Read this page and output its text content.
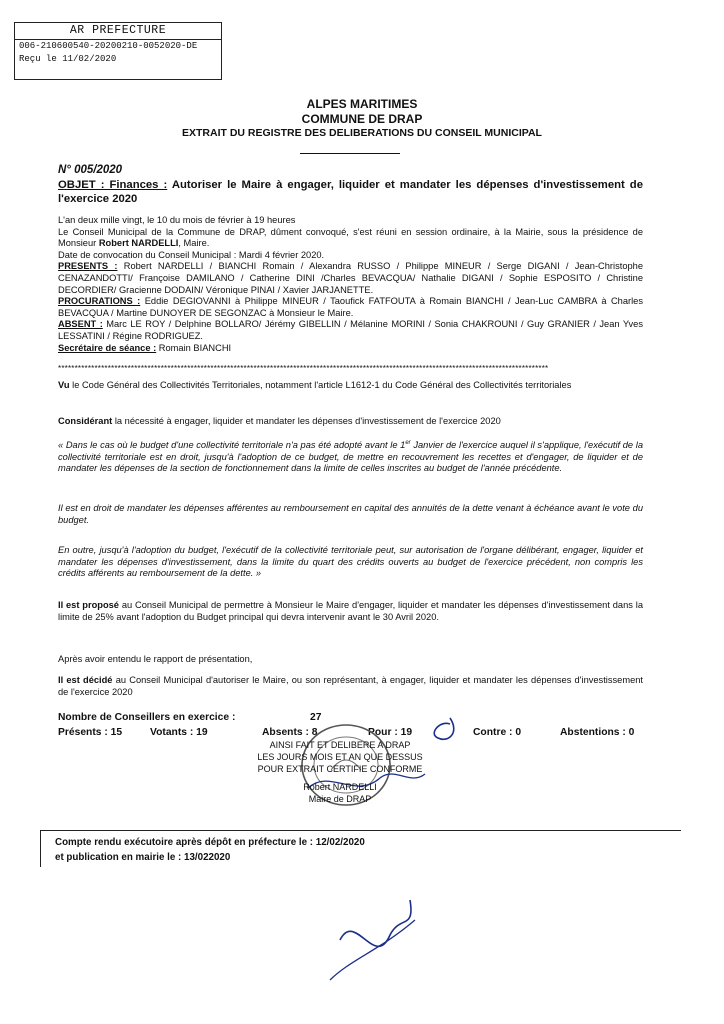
AR PREFECTURE
006-210600540-20200210-0052020-DE
Reçu le 11/02/2020
ALPES MARITIMES
COMMUNE DE DRAP
EXTRAIT DU REGISTRE DES DELIBERATIONS DU CONSEIL MUNICIPAL
N° 005/2020
OBJET : Finances : Autoriser le Maire à engager, liquider et mandater les dépenses d'investissement de l'exercice 2020
L'an deux mille vingt, le 10 du mois de février à 19 heures
Le Conseil Municipal de la Commune de DRAP, dûment convoqué, s'est réuni en session ordinaire, à la Mairie, sous la présidence de Monsieur Robert NARDELLI, Maire.
Date de convocation du Conseil Municipal : Mardi 4 février 2020.
PRESENTS : Robert NARDELLI / BIANCHI Romain / Alexandra RUSSO / Philippe MINEUR / Serge DIGANI / Jean-Christophe CENAZANDOTTI/ Françoise DAMILANO / Catherine DINI /Charles BEVACQUA/ Nathalie DIGANI / Sophie ESPOSITO / Christine DECORDIER/ Gracienne DODAIN/ Véronique PINAI / Xavier JARJANETTE.
PROCURATIONS : Eddie DEGIOVANNI à Philippe MINEUR / Taoufick FATFOUTA à Romain BIANCHI / Jean-Luc CAMBRA à Charles BEVACQUA / Martine DUNOYER DE SEGONZAC à Monsieur le Maire.
ABSENT : Marc LE ROY / Delphine BOLLARO/ Jérémy GIBELLIN / Mélanine MORINI / Sonia CHAKROUNI / Guy GRANIER / Jean Yves LESSATINI / Régine RODRIGUEZ.
Secrétaire de séance : Romain BIANCHI
****************************************************************************************************************************************************
Vu le Code Général des Collectivités Territoriales, notamment l'article L1612-1 du Code Général des Collectivités territoriales
Considérant la nécessité à engager, liquider et mandater les dépenses d'investissement de l'exercice 2020
« Dans le cas où le budget d'une collectivité territoriale n'a pas été adopté avant le 1er Janvier de l'exercice auquel il s'applique, l'exécutif de la collectivité territoriale est en droit, jusqu'à l'adoption de ce budget, de mettre en recouvrement les recettes et d'engager, de liquider et de mandater les dépenses de la section de fonctionnement dans la limite de celles inscrites au budget de l'année précédente.
Il est en droit de mandater les dépenses afférentes au remboursement en capital des annuités de la dette venant à échéance avant le vote du budget.
En outre, jusqu'à l'adoption du budget, l'exécutif de la collectivité territoriale peut, sur autorisation de l'organe délibérant, engager, liquider et mandater les dépenses d'investissement, dans la limite du quart des crédits ouverts au budget de l'exercice précédent, non compris les crédits afférents au remboursement de la dette. »
Il est proposé au Conseil Municipal de permettre à Monsieur le Maire d'engager, liquider et mandater les dépenses d'investissement dans la limite de 25% avant l'adoption du Budget principal qui devra intervenir avant le 30 Avril 2020.
Après avoir entendu le rapport de présentation,
Il est décidé au Conseil Municipal d'autoriser le Maire, ou son représentant, à engager, liquider et mandater les dépenses d'investissement de l'exercice 2020
Nombre de Conseillers en exercice :	27
Présents : 15	Votants : 19	Absents : 8	Pour : 19	Contre : 0	Abstentions : 0
AINSI FAIT ET DELIBERE A DRAP
LES JOURS MOIS ET AN QUE DESSUS
POUR EXTRAIT CERTIFIE CONFORME
Robert NARDELLI
Maire de DRAP
Compte rendu exécutoire après dépôt en préfecture le : 12/02/2020
et publication en mairie le : 13/022020
